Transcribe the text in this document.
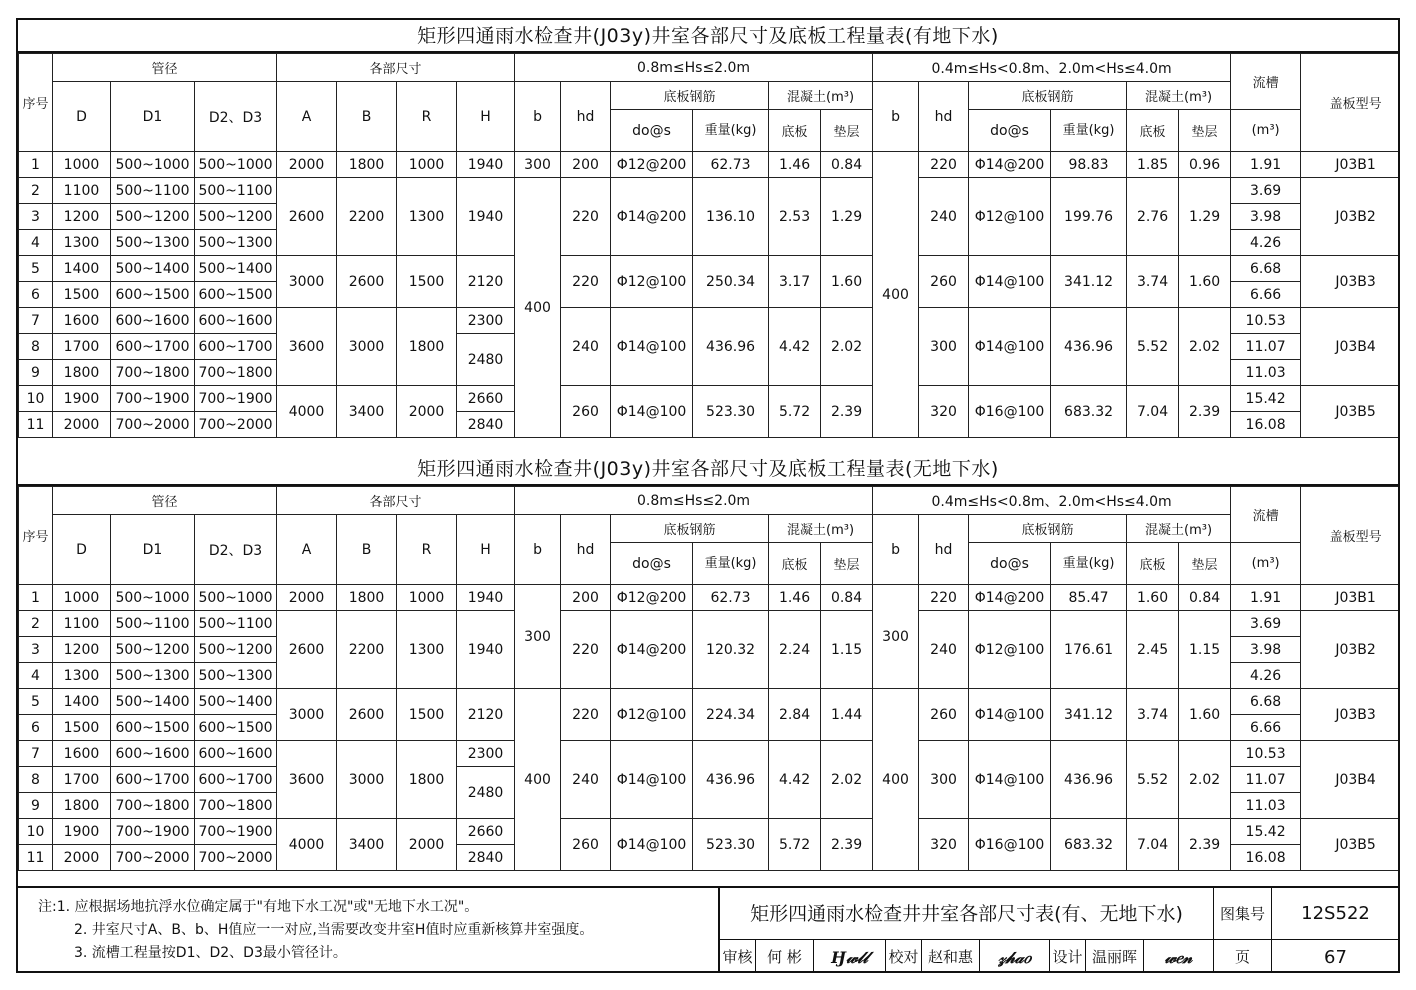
矩形四通雨水检查井(J03y)井室各部尺寸及底板工程量表(有地下水)
序号	管径			各部尺寸				0.8m≤Hs≤2.0m						0.4m≤Hs<0.8m、2.0m<Hs≤4.0m						流槽	盖板型号
	D	D1	D2、D3	A	B	R	H	b	hd	底板钢筋		混凝土(m³)		b	hd	底板钢筋		混凝土(m³)			
										do@s	重量(kg)	底板	垫层			do@s	重量(kg)	底板	垫层	(m³)	
1	1000	500~1000	500~1000	2000	1800	1000	1940	300	200	Φ12@200	62.73	1.46	0.84	400	220	Φ14@200	98.83	1.85	0.96	1.91	J03B1
2	1100	500~1100	500~1100	2600	2200	1300	1940	400	220	Φ14@200	136.10	2.53	1.29		240	Φ12@100	199.76	2.76	1.29	3.69	J03B2
3	1200	500~1200	500~1200																	3.98	
4	1300	500~1300	500~1300																	4.26	
5	1400	500~1400	500~1400	3000	2600	1500	2120		220	Φ12@100	250.34	3.17	1.60		260	Φ14@100	341.12	3.74	1.60	6.68	J03B3
6	1500	600~1500	600~1500																	6.66	
7	1600	600~1600	600~1600	3600	3000	1800	2300		240	Φ14@100	436.96	4.42	2.02		300	Φ14@100	436.96	5.52	2.02	10.53	J03B4
8	1700	600~1700	600~1700				2480													11.07	
9	1800	700~1800	700~1800																	11.03	
10	1900	700~1900	700~1900	4000	3400	2000	2660		260	Φ14@100	523.30	5.72	2.39		320	Φ16@100	683.32	7.04	2.39	15.42	J03B5
11	2000	700~2000	700~2000				2840													16.08	
矩形四通雨水检查井(J03y)井室各部尺寸及底板工程量表(无地下水)
序号	管径			各部尺寸				0.8m≤Hs≤2.0m						0.4m≤Hs<0.8m、2.0m<Hs≤4.0m						流槽	盖板型号
	D	D1	D2、D3	A	B	R	H	b	hd	底板钢筋		混凝土(m³)		b	hd	底板钢筋		混凝土(m³)			
										do@s	重量(kg)	底板	垫层			do@s	重量(kg)	底板	垫层	(m³)	
1	1000	500~1000	500~1000	2000	1800	1000	1940	300	200	Φ12@200	62.73	1.46	0.84	300	220	Φ14@200	85.47	1.60	0.84	1.91	J03B1
2	1100	500~1100	500~1100	2600	2200	1300	1940		220	Φ14@200	120.32	2.24	1.15		240	Φ12@100	176.61	2.45	1.15	3.69	J03B2
3	1200	500~1200	500~1200																	3.98	
4	1300	500~1300	500~1300																	4.26	
5	1400	500~1400	500~1400	3000	2600	1500	2120	400	220	Φ12@100	224.34	2.84	1.44	400	260	Φ14@100	341.12	3.74	1.60	6.68	J03B3
6	1500	600~1500	600~1500																	6.66	
7	1600	600~1600	600~1600	3600	3000	1800	2300		240	Φ14@100	436.96	4.42	2.02		300	Φ14@100	436.96	5.52	2.02	10.53	J03B4
8	1700	600~1700	600~1700				2480													11.07	
9	1800	700~1800	700~1800																	11.03	
10	1900	700~1900	700~1900	4000	3400	2000	2660		260	Φ14@100	523.30	5.72	2.39		320	Φ16@100	683.32	7.04	2.39	15.42	J03B5
11	2000	700~2000	700~2000				2840													16.08	
注:1. 应根据场地抗浮水位确定属于"有地下水工况"或"无地下水工况"。
2. 井室尺寸A、B、b、H值应一一对应,当需要改变井室H值时应重新核算井室强度。
3. 流槽工程量按D1、D2、D3最小管径计。
矩形四通雨水检查井井室各部尺寸表(有、无地下水)	图集号	12S522
审核 何 彬	Ӈ𝓌𝓁𝓁	校对 赵和惠	𝓏𝒽𝒶𝑜	设计 温丽晖	𝓌𝑒𝓃	页	67
